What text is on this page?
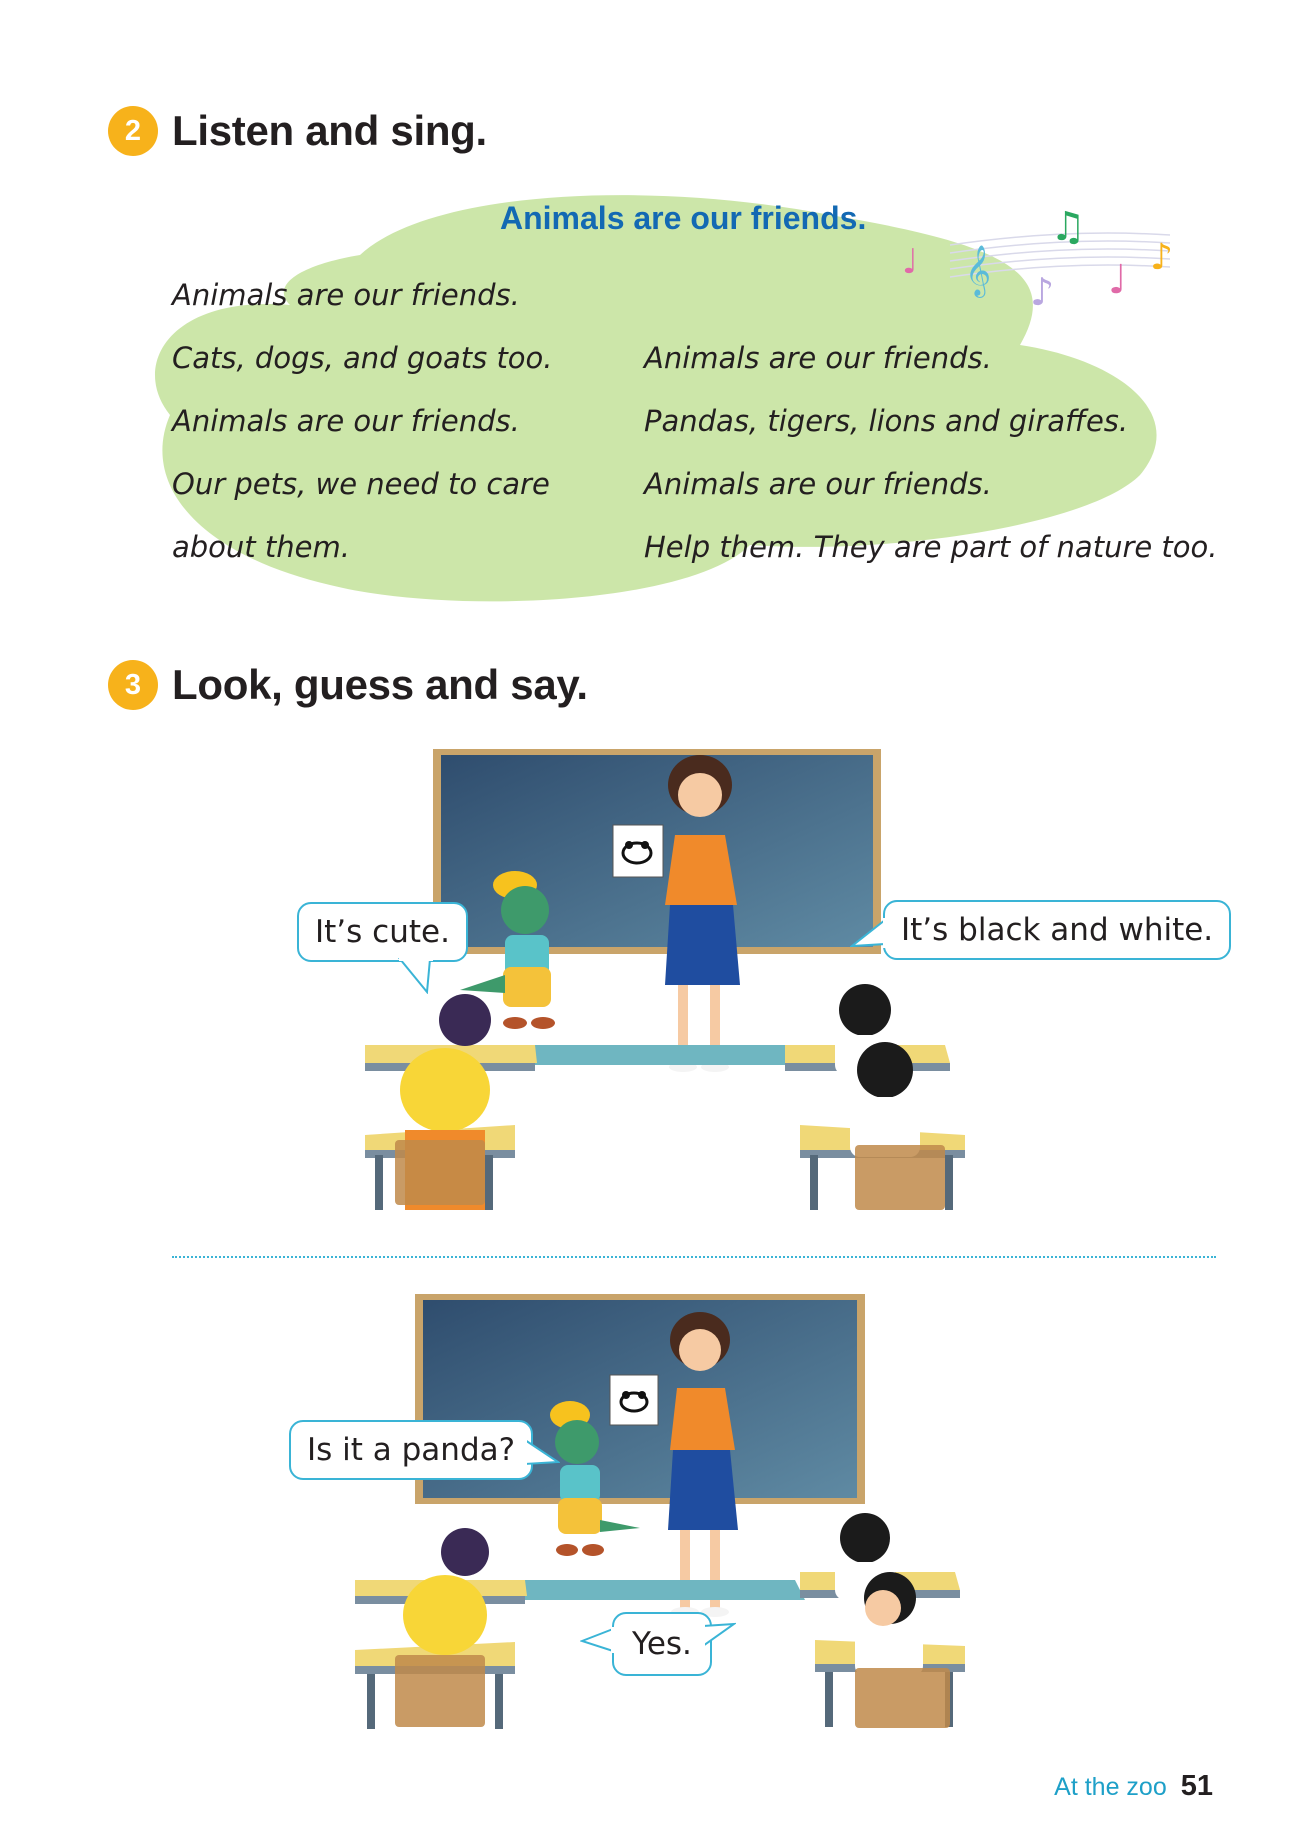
2 Listen and sing.
Animals are our friends.
♩ 𝄞 ♪
♫
♩ ♪
Animals are our friends.
Cats, dogs, and goats too.
Animals are our friends.
Our pets, we need to care
about them.
Animals are our friends.
Pandas, tigers, lions and giraffes.
Animals are our friends.
Help them. They are part of nature too.
3 Look, guess and say.
It’s cute.	It’s black and white.
Is it a panda?
Yes.
At the zoo 51
